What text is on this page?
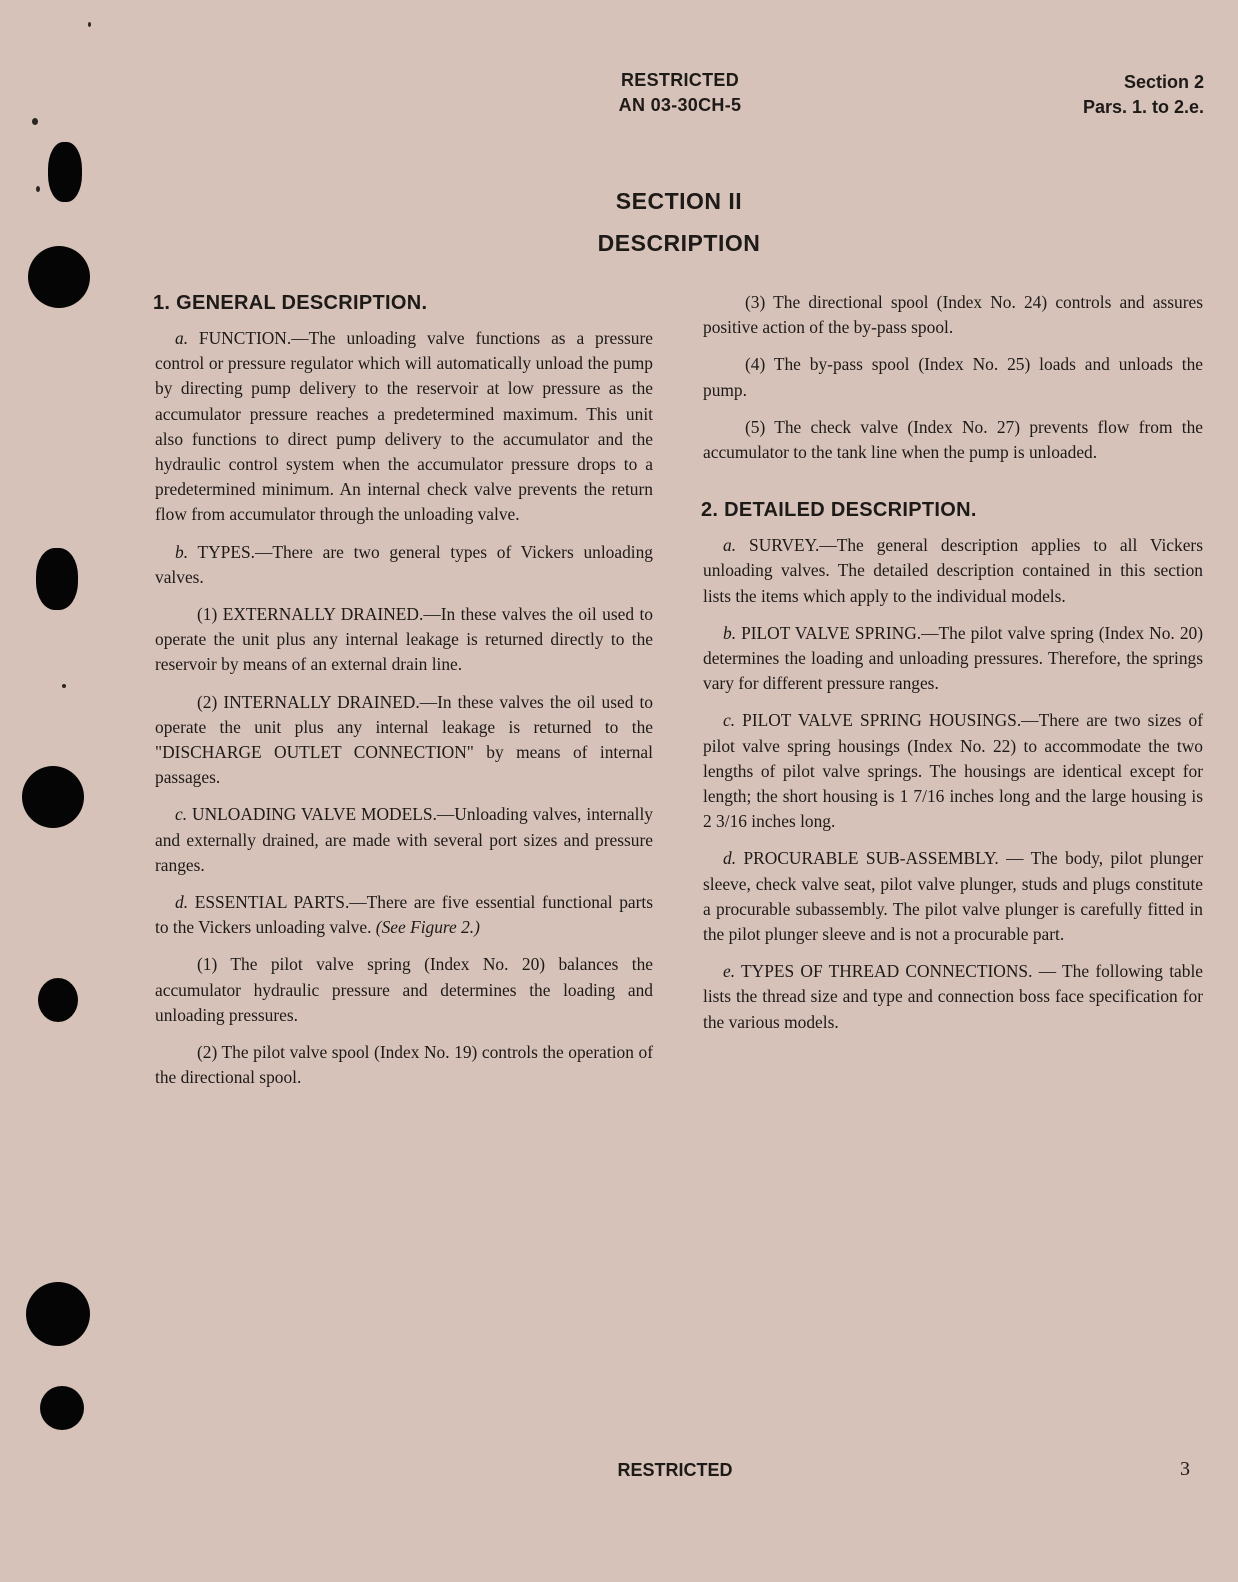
RESTRICTED
AN 03-30CH-5
Section 2
Pars. 1. to 2.e.
SECTION II
DESCRIPTION
1. GENERAL DESCRIPTION.

a. FUNCTION.—The unloading valve functions as a pressure control or pressure regulator which will automatically unload the pump by directing pump delivery to the reservoir at low pressure as the accumulator pressure reaches a predetermined maximum. This unit also functions to direct pump delivery to the accumulator and the hydraulic control system when the accumulator pressure drops to a predetermined minimum. An internal check valve prevents the return flow from accumulator through the unloading valve.

b. TYPES.—There are two general types of Vickers unloading valves.

(1) EXTERNALLY DRAINED.—In these valves the oil used to operate the unit plus any internal leakage is returned directly to the reservoir by means of an external drain line.

(2) INTERNALLY DRAINED.—In these valves the oil used to operate the unit plus any internal leakage is returned to the "DISCHARGE OUTLET CONNECTION" by means of internal passages.

c. UNLOADING VALVE MODELS.—Unloading valves, internally and externally drained, are made with several port sizes and pressure ranges.

d. ESSENTIAL PARTS.—There are five essential functional parts to the Vickers unloading valve. (See Figure 2.)

(1) The pilot valve spring (Index No. 20) balances the accumulator hydraulic pressure and determines the loading and unloading pressures.

(2) The pilot valve spool (Index No. 19) controls the operation of the directional spool.

(3) The directional spool (Index No. 24) controls and assures positive action of the by-pass spool.

(4) The by-pass spool (Index No. 25) loads and unloads the pump.

(5) The check valve (Index No. 27) prevents flow from the accumulator to the tank line when the pump is unloaded.

2. DETAILED DESCRIPTION.

a. SURVEY.—The general description applies to all Vickers unloading valves. The detailed description contained in this section lists the items which apply to the individual models.

b. PILOT VALVE SPRING.—The pilot valve spring (Index No. 20) determines the loading and unloading pressures. Therefore, the springs vary for different pressure ranges.

c. PILOT VALVE SPRING HOUSINGS.—There are two sizes of pilot valve spring housings (Index No. 22) to accommodate the two lengths of pilot valve springs. The housings are identical except for length; the short housing is 1 7/16 inches long and the large housing is 2 3/16 inches long.

d. PROCURABLE SUB-ASSEMBLY. — The body, pilot plunger sleeve, check valve seat, pilot valve plunger, studs and plugs constitute a procurable subassembly. The pilot valve plunger is carefully fitted in the pilot plunger sleeve and is not a procurable part.

e. TYPES OF THREAD CONNECTIONS. — The following table lists the thread size and type and connection boss face specification for the various models.

RESTRICTED	3
